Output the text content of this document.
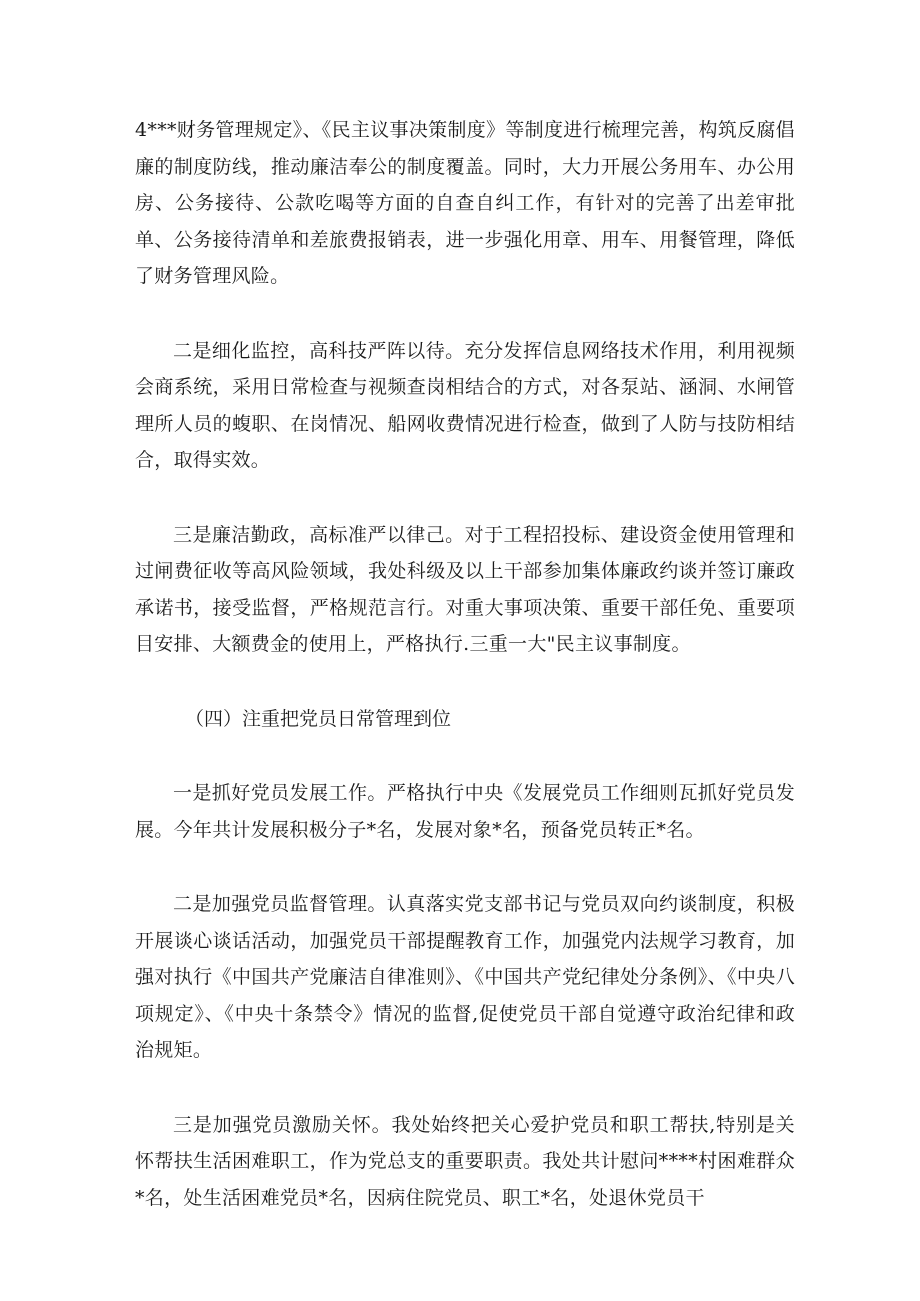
4***财务管理规定》、《民主议事决策制度》等制度进行梳理完善，构筑反腐倡廉的制度防线，推动廉洁奉公的制度覆盖。同时，大力开展公务用车、办公用房、公务接待、公款吃喝等方面的自查自纠工作，有针对的完善了出差审批单、公务接待清单和差旅费报销表，进一步强化用章、用车、用餐管理，降低了财务管理风险。

二是细化监控，高科技严阵以待。充分发挥信息网络技术作用，利用视频会商系统，采用日常检查与视频查岗相结合的方式，对各泵站、涵洞、水闸管理所人员的蝮职、在岗情况、船网收费情况进行检查，做到了人防与技防相结合，取得实效。

三是廉洁勤政，高标准严以律己。对于工程招投标、建设资金使用管理和过闸费征收等高风险领域，我处科级及以上干部参加集体廉政约谈并签订廉政承诺书，接受监督，严格规范言行。对重大事项决策、重要干部任免、重要项目安排、大额费金的使用上，严格执行.三重一大"民主议事制度。

（四）注重把党员日常管理到位

一是抓好党员发展工作。严格执行中央《发展党员工作细则瓦抓好党员发展。今年共计发展积极分子*名，发展对象*名，预备党员转正*名。

二是加强党员监督管理。认真落实党支部书记与党员双向约谈制度，积极开展谈心谈话活动，加强党员干部提醒教育工作，加强党内法规学习教育，加强对执行《中国共产党廉洁自律准则》、《中国共产党纪律处分条例》、《中央八项规定》、《中央十条禁令》情况的监督,促使党员干部自觉遵守政治纪律和政治规矩。

三是加强党员激励关怀。我处始终把关心爱护党员和职工帮扶,特别是关怀帮扶生活困难职工，作为党总支的重要职责。我处共计慰问****村困难群众*名，处生活困难党员*名，因病住院党员、职工*名，处退休党员干
